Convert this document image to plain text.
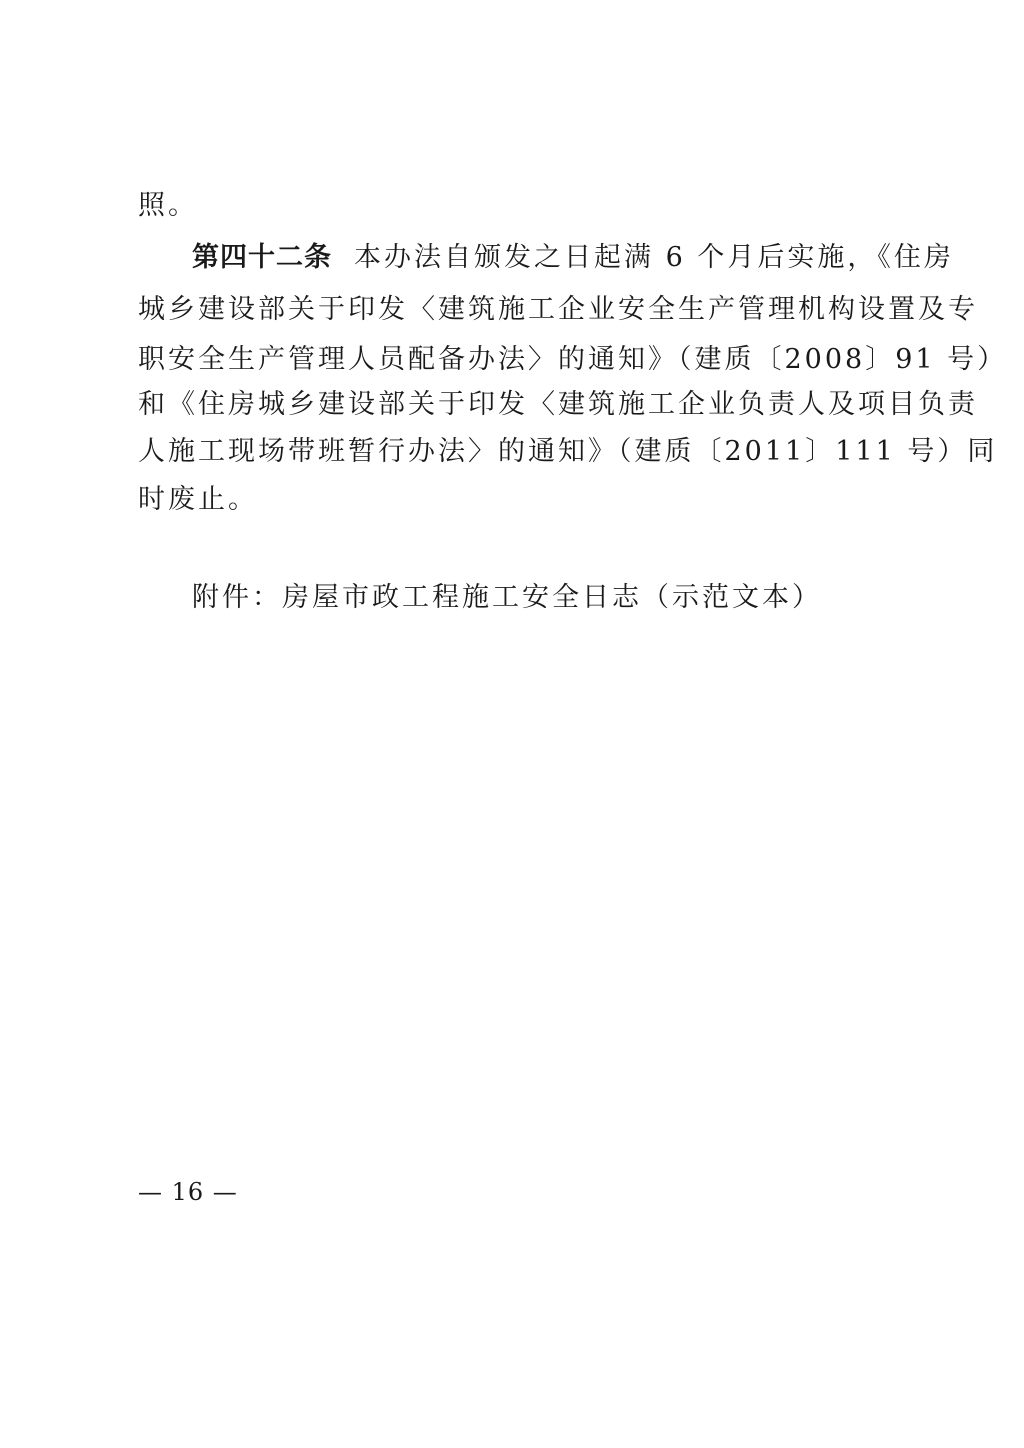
照。
第四十二条 本办法自颁发之日起满 6 个月后实施，《住房
城乡建设部关于印发〈建筑施工企业安全生产管理机构设置及专
职安全生产管理人员配备办法〉的通知》（建质〔2008〕91 号）
和《住房城乡建设部关于印发〈建筑施工企业负责人及项目负责
人施工现场带班暂行办法〉的通知》（建质〔2011〕111 号）同
时废止。
附件：房屋市政工程施工安全日志（示范文本）
— 16 —
